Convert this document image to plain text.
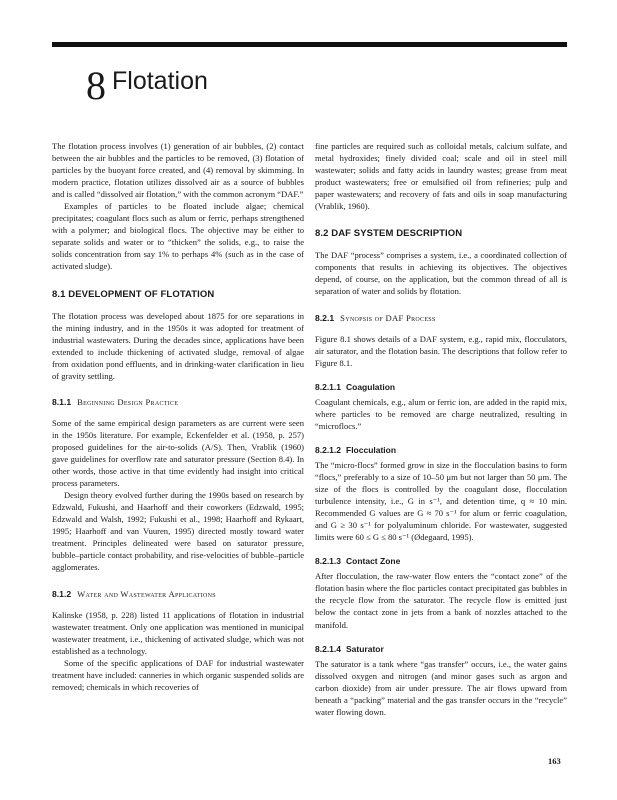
8 Flotation

The flotation process involves (1) generation of air bubbles, (2) contact between the air bubbles and the particles to be removed, (3) flotation of particles by the buoyant force created, and (4) removal by skimming. In modern practice, flotation utilizes dissolved air as a source of bubbles and is called “dissolved air flotation,” with the common acronym “DAF.”

Examples of particles to be floated include algae; chemical precipitates; coagulant flocs such as alum or ferric, perhaps strengthened with a polymer; and biological flocs. The objective may be either to separate solids and water or to “thicken” the solids, e.g., to raise the solids concentration from say 1% to perhaps 4% (such as in the case of activated sludge).

8.1 DEVELOPMENT OF FLOTATION

The flotation process was developed about 1875 for ore separations in the mining industry, and in the 1950s it was adopted for treatment of industrial wastewaters. During the decades since, applications have been extended to include thickening of activated sludge, removal of algae from oxidation pond effluents, and in drinking-water clarification in lieu of gravity settling.

8.1.1 Beginning Design Practice

Some of the same empirical design parameters as are current were seen in the 1950s literature. For example, Eckenfelder et al. (1958, p. 257) proposed guidelines for the air-to-solids (A/S). Then, Vrablik (1960) gave guidelines for overflow rate and saturator pressure (Section 8.4). In other words, those active in that time evidently had insight into critical process parameters.

Design theory evolved further during the 1990s based on research by Edzwald, Fukushi, and Haarhoff and their coworkers (Edzwald, 1995; Edzwald and Walsh, 1992; Fukushi et al., 1998; Haarhoff and Rykaart, 1995; Haarhoff and van Vuuren, 1995) directed mostly toward water treatment. Principles delineated were based on saturator pressure, bubble–particle contact probability, and rise-velocities of bubble–particle agglomerates.

8.1.2 Water and Wastewater Applications

Kalinske (1958, p. 228) listed 11 applications of flotation in industrial wastewater treatment. Only one application was mentioned in municipal wastewater treatment, i.e., thickening of activated sludge, which was not established as a technology.

Some of the specific applications of DAF for industrial wastewater treatment have included: canneries in which organic suspended solids are removed; chemicals in which recoveries of

fine particles are required such as colloidal metals, calcium sulfate, and metal hydroxides; finely divided coal; scale and oil in steel mill wastewater; solids and fatty acids in laundry wastes; grease from meat product wastewaters; free or emulsified oil from refineries; pulp and paper wastewaters; and recovery of fats and oils in soap manufacturing (Vrablik, 1960).

8.2 DAF SYSTEM DESCRIPTION

The DAF “process” comprises a system, i.e., a coordinated collection of components that results in achieving its objectives. The objectives depend, of course, on the application, but the common thread of all is separation of water and solids by flotation.

8.2.1 Synopsis of DAF Process

Figure 8.1 shows details of a DAF system, e.g., rapid mix, flocculators, air saturator, and the flotation basin. The descriptions that follow refer to Figure 8.1.

8.2.1.1 Coagulation

Coagulant chemicals, e.g., alum or ferric ion, are added in the rapid mix, where particles to be removed are charge neutralized, resulting in “microflocs.”

8.2.1.2 Flocculation

The “micro-flocs” formed grow in size in the flocculation basins to form “flocs,” preferably to a size of 10–50 μm but not larger than 50 μm. The size of the flocs is controlled by the coagulant dose, flocculation turbulence intensity, i.e., G in s⁻¹, and detention time, q ≈ 10 min. Recommended G values are G ≈ 70 s⁻¹ for alum or ferric coagulation, and G ≥ 30 s⁻¹ for polyaluminum chloride. For wastewater, suggested limits were 60 ≤ G ≤ 80 s⁻¹ (Ødegaard, 1995).

8.2.1.3 Contact Zone

After flocculation, the raw-water flow enters the “contact zone” of the flotation basin where the floc particles contact precipitated gas bubbles in the recycle flow from the saturator. The recycle flow is emitted just below the contact zone in jets from a bank of nozzles attached to the manifold.

8.2.1.4 Saturator

The saturator is a tank where “gas transfer” occurs, i.e., the water gains dissolved oxygen and nitrogen (and minor gases such as argon and carbon dioxide) from air under pressure. The air flows upward from beneath a “packing” material and the gas transfer occurs in the “recycle” water flowing down.

163
